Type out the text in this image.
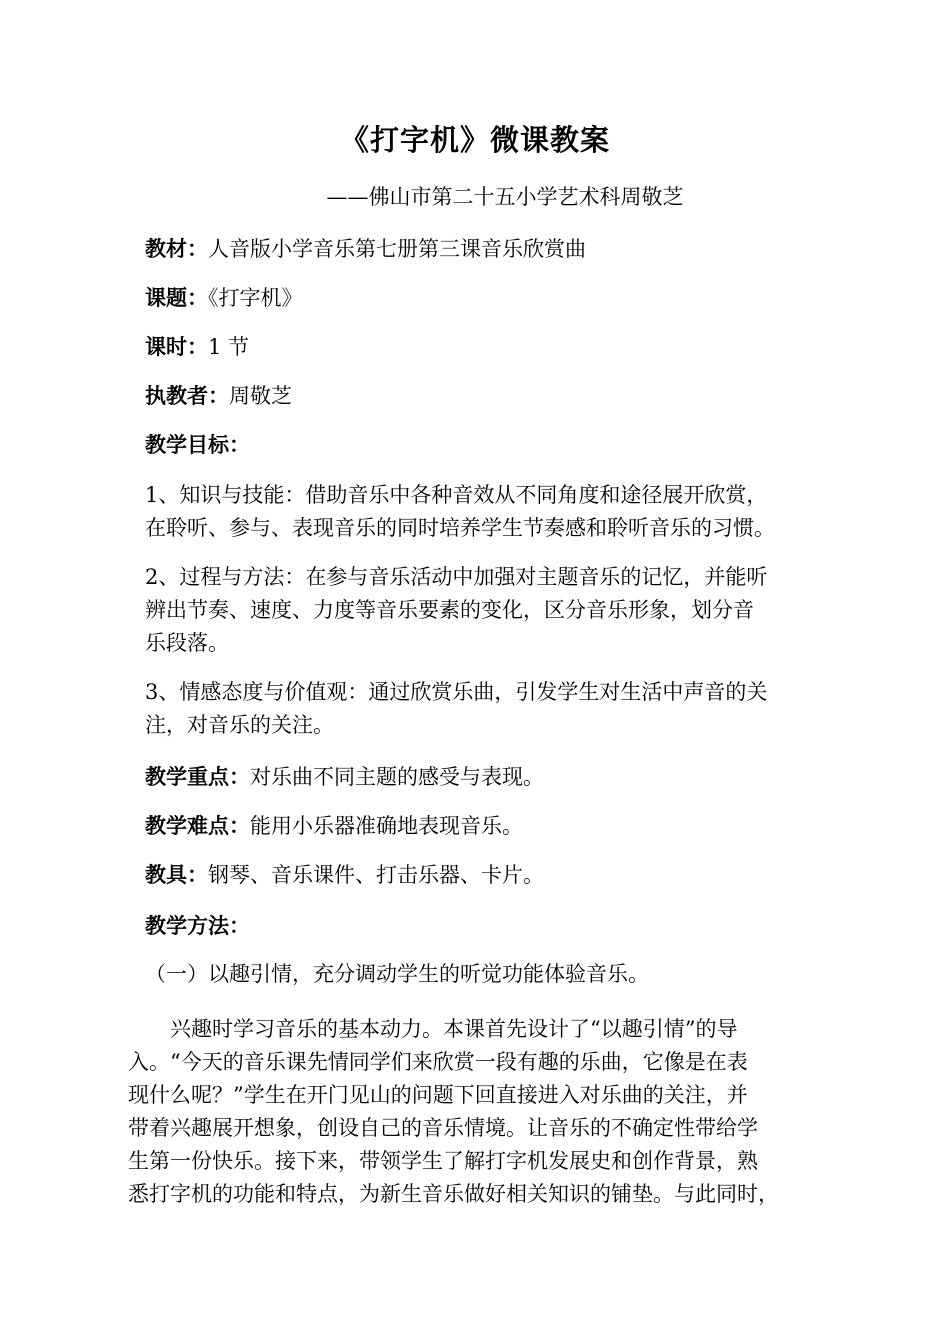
《打字机》微课教案
——佛山市第二十五小学艺术科周敬芝
教材：人音版小学音乐第七册第三课音乐欣赏曲
课题：《打字机》
课时：1 节
执教者：周敬芝
教学目标：
1、知识与技能：借助音乐中各种音效从不同角度和途径展开欣赏，
在聆听、参与、表现音乐的同时培养学生节奏感和聆听音乐的习惯。
2、过程与方法：在参与音乐活动中加强对主题音乐的记忆，并能听
辨出节奏、速度、力度等音乐要素的变化，区分音乐形象，划分音
乐段落。
3、情感态度与价值观：通过欣赏乐曲，引发学生对生活中声音的关
注，对音乐的关注。
教学重点：对乐曲不同主题的感受与表现。
教学难点：能用小乐器准确地表现音乐。
教具：钢琴、音乐课件、打击乐器、卡片。
教学方法：
（一）以趣引情，充分调动学生的听觉功能体验音乐。
　　兴趣时学习音乐的基本动力。本课首先设计了“以趣引情”的导
入。“今天的音乐课先情同学们来欣赏一段有趣的乐曲，它像是在表
现什么呢？”学生在开门见山的问题下回直接进入对乐曲的关注，并
带着兴趣展开想象，创设自己的音乐情境。让音乐的不确定性带给学
生第一份快乐。接下来，带领学生了解打字机发展史和创作背景，熟
悉打字机的功能和特点，为新生音乐做好相关知识的铺垫。与此同时，
